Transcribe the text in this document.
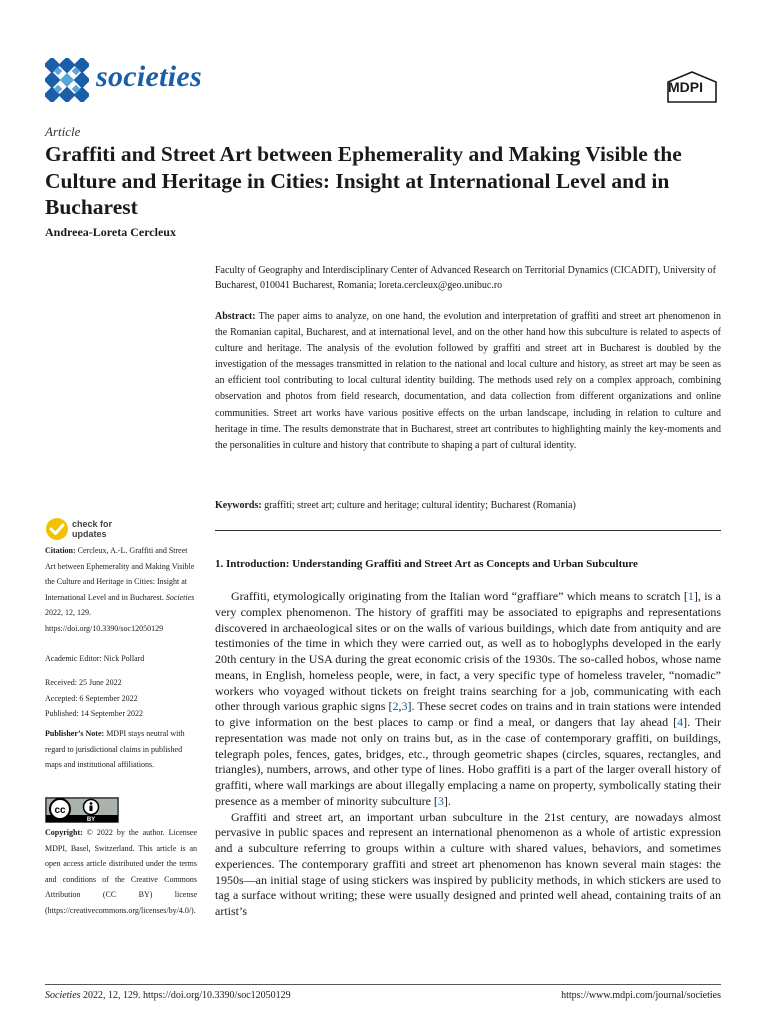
societies	MDPI
Article
Graffiti and Street Art between Ephemerality and Making Visible the Culture and Heritage in Cities: Insight at International Level and in Bucharest
Andreea-Loreta Cercleux
Faculty of Geography and Interdisciplinary Center of Advanced Research on Territorial Dynamics (CICADIT), University of Bucharest, 010041 Bucharest, Romania; loreta.cercleux@geo.unibuc.ro
Abstract: The paper aims to analyze, on one hand, the evolution and interpretation of graffiti and street art phenomenon in the Romanian capital, Bucharest, and at international level, and on the other hand how this subculture is related to aspects of culture and heritage. The analysis of the evolution followed by graffiti and street art in Bucharest is doubled by the investigation of the messages transmitted in relation to the national and local culture and history, as street art may be seen as an efficient tool contributing to local cultural identity building. The methods used rely on a complex approach, combining observation and photos from field research, documentation, and data collection from different organizations and online communities. Street art works have various positive effects on the urban landscape, including in relation to culture and heritage in time. The results demonstrate that in Bucharest, street art contributes to highlighting mainly the key-moments and the personalities in culture and history that contribute to shaping a part of cultural identity.
Keywords: graffiti; street art; culture and heritage; cultural identity; Bucharest (Romania)
check for
updates
Citation: Cercleux, A.-L. Graffiti and Street Art between Ephemerality and Making Visible the Culture and Heritage in Cities: Insight at International Level and in Bucharest. Societies 2022, 12, 129. https://doi.org/10.3390/soc12050129
Academic Editor: Nick Pollard
Received: 25 June 2022
Accepted: 6 September 2022
Published: 14 September 2022
Publisher’s Note: MDPI stays neutral with regard to jurisdictional claims in published maps and institutional affiliations.
cc
BY
Copyright: © 2022 by the author. Licensee MDPI, Basel, Switzerland. This article is an open access article distributed under the terms and conditions of the Creative Commons Attribution (CC BY) license (https://creativecommons.org/licenses/by/4.0/).
1. Introduction: Understanding Graffiti and Street Art as Concepts and Urban Subculture

Graffiti, etymologically originating from the Italian word “graffiare” which means to scratch [1], is a very complex phenomenon. The history of graffiti may be associated to epigraphs and representations discovered in archaeological sites or on the walls of various buildings, which date from antiquity and are testimonies of the time in which they were carried out, as well as to hoboglyphs developed in the early 20th century in the USA during the great economic crisis of the 1930s. The so-called hobos, whose name means, in English, homeless people, were, in fact, a very specific type of homeless traveler, “nomadic” workers who voyaged without tickets on freight trains searching for a job, communicating with each other through various graphic signs [2,3]. These secret codes on trains and in train stations were intended to give information on the best places to camp or find a meal, or dangers that lay ahead [4]. Their representation was made not only on trains but, as in the case of contemporary graffiti, on buildings, telegraph poles, fences, gates, bridges, etc., through geometric shapes (circles, squares, rectangles, and triangles), numbers, arrows, and other type of lines. Hobo graffiti is a part of the larger overall history of graffiti, where wall markings are about illegally emplacing a name on property, symbolically stating their presence as a member of minority subculture [3].

Graffiti and street art, an important urban subculture in the 21st century, are nowadays almost pervasive in public spaces and represent an international phenomenon as a whole of artistic expression and a subculture referring to groups within a culture with shared values, behaviors, and sometimes experiences. The contemporary graffiti and street art phenomenon has known several main stages: the 1950s—an initial stage of using stickers was inspired by publicity methods, in which stickers are used to tag a surface without writing; these were usually designed and printed well ahead, containing traits of an artist’s

Societies 2022, 12, 129. https://doi.org/10.3390/soc12050129	https://www.mdpi.com/journal/societies
